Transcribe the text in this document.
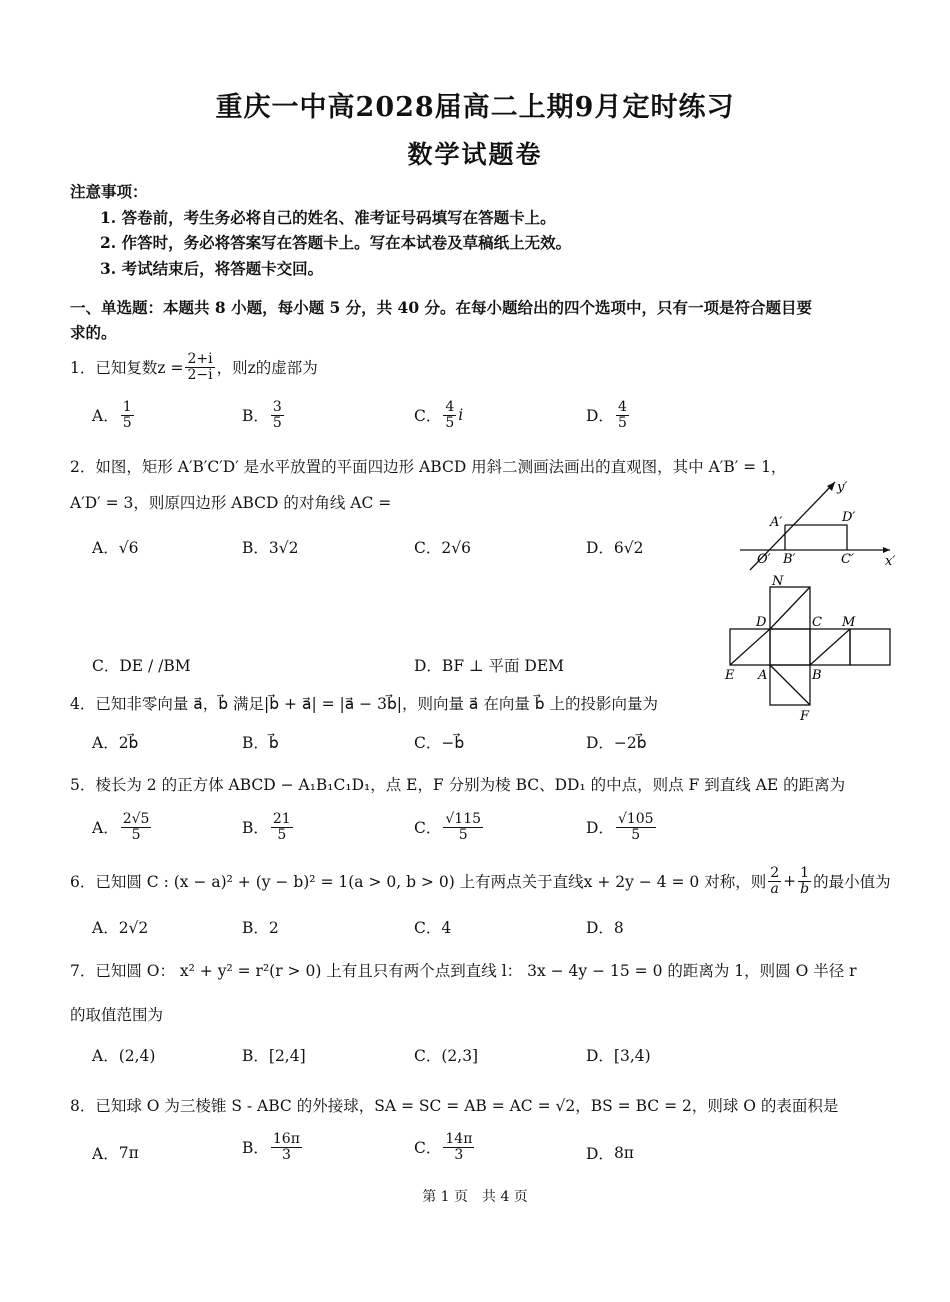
重庆一中高2028届高二上期9月定时练习
数学试题卷
注意事项：
1. 答卷前，考生务必将自己的姓名、准考证号码填写在答题卡上。
2. 作答时，务必将答案写在答题卡上。写在本试卷及草稿纸上无效。
3. 考试结束后，将答题卡交回。
一、单选题：本题共 8 小题，每小题 5 分，共 40 分。在每小题给出的四个选项中，只有一项是符合题目要
求的。
1．已知复数$z = \frac{2+i}{2-i}$ ，则z的虚部为
A． $\frac{1}{5}$	B． $\frac{3}{5}$	C． $\frac{4}{5}$ i	D． $\frac{4}{5}$
2．如图，矩形 A′B′C′D′ 是水平放置的平面四边形 ABCD 用斜二测画法画出的直观图，其中 A′B′ = 1，
A′D′ = 3，则原四边形 ABCD 的对角线 AC =
A．√6	B．3√2	C．2√6	D．6√2
y′
x′
O′
A′
B′	C′
D′
N
D	C M
E A	B
F
C．DE / /BM	D．BF ⊥ 平面 DEM
4．已知非零向量 a⃗，b⃗ 满足|b⃗ + a⃗| = |a⃗ − 3b⃗|，则向量 a⃗ 在向量 b⃗ 上的投影向量为
A．2b⃗	B．b⃗	C．−b⃗	D．−2b⃗
5．棱长为 2 的正方体 ABCD − A₁B₁C₁D₁，点 E，F 分别为棱 BC、DD₁ 的中点，则点 F 到直线 AE 的距离为
A． $\frac{2√5}{5}$	B． $\frac{21}{5}$	C． $\frac{√115}{5}$	D． $\frac{√105}{5}$
6．已知圆 C : (x − a)² + (y − b)² = 1(a > 0, b > 0) 上有两点关于直线x + 2y − 4 = 0 对称，则 $\frac{2}{a} + \frac{1}{b}$ 的最小值为
A．2√2	B．2	C．4	D．8
7．已知圆 O： x² + y² = r²(r > 0) 上有且只有两个点到直线 l： 3x − 4y − 15 = 0 的距离为 1，则圆 O 半径 r
的取值范围为
A．(2,4)	B．[2,4]	C．(2,3]	D．[3,4)
8．已知球 O 为三棱锥 S - ABC 的外接球，SA = SC = AB = AC = √2，BS = BC = 2，则球 O 的表面积是
A． 7π	B． $\frac{16\pi}{3}$	C． $\frac{14\pi}{3}$	D． 8π
第 1 页　共 4 页
